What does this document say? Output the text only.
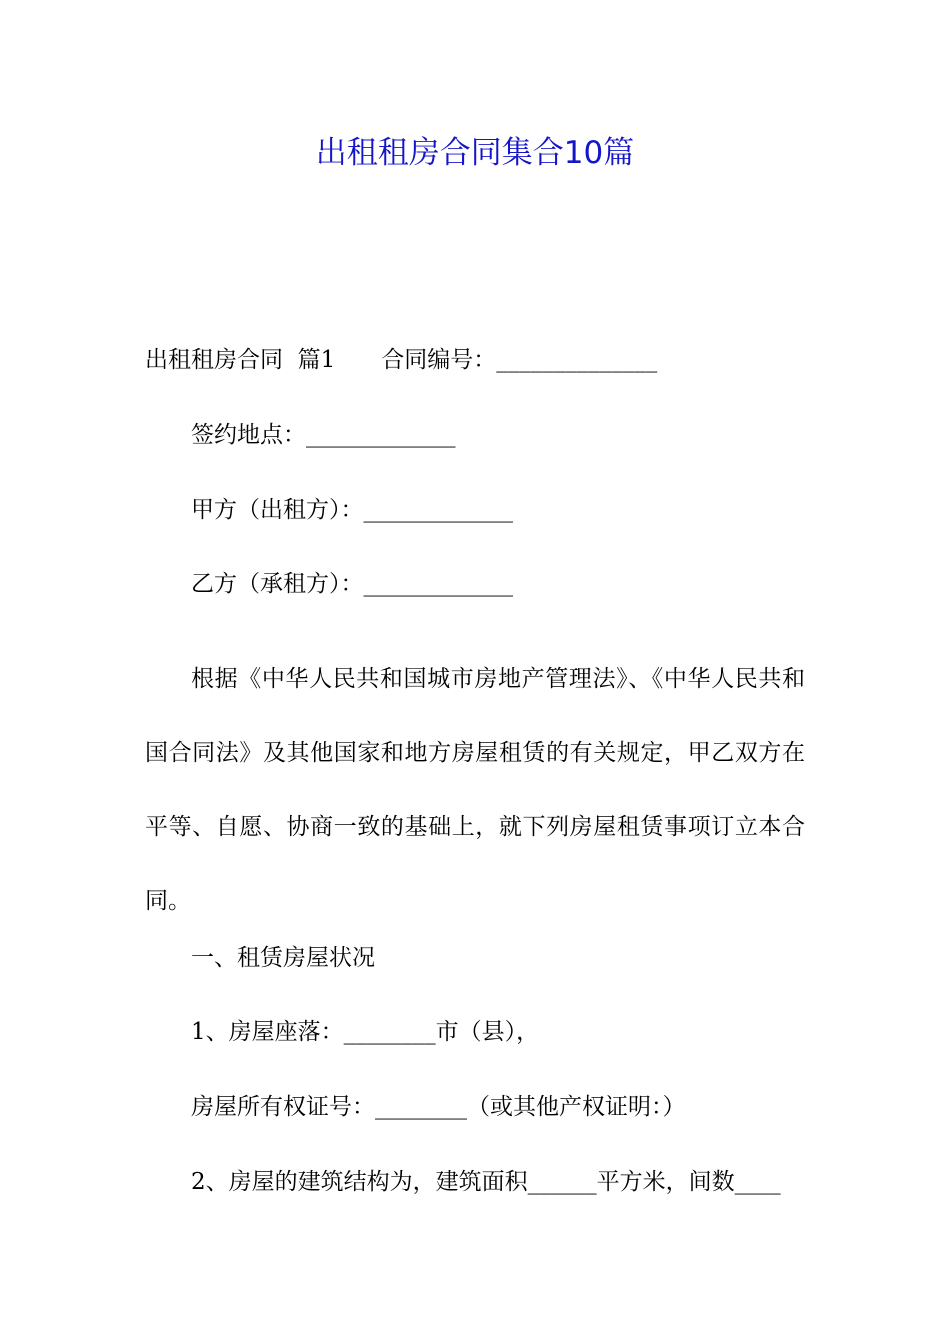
出租租房合同集合10篇

出租租房合同  篇1 合同编号：______________

签约地点：_____________

甲方（出租方）：_____________

乙方（承租方）：_____________

根据《中华人民共和国城市房地产管理法》、《中华人民共和国合同法》及其他国家和地方房屋租赁的有关规定，甲乙双方在平等、自愿、协商一致的基础上，就下列房屋租赁事项订立本合同。

一、租赁房屋状况

1、房屋座落：________市（县），

房屋所有权证号：________（或其他产权证明：）

2、房屋的建筑结构为，建筑面积______平方米，间数____
